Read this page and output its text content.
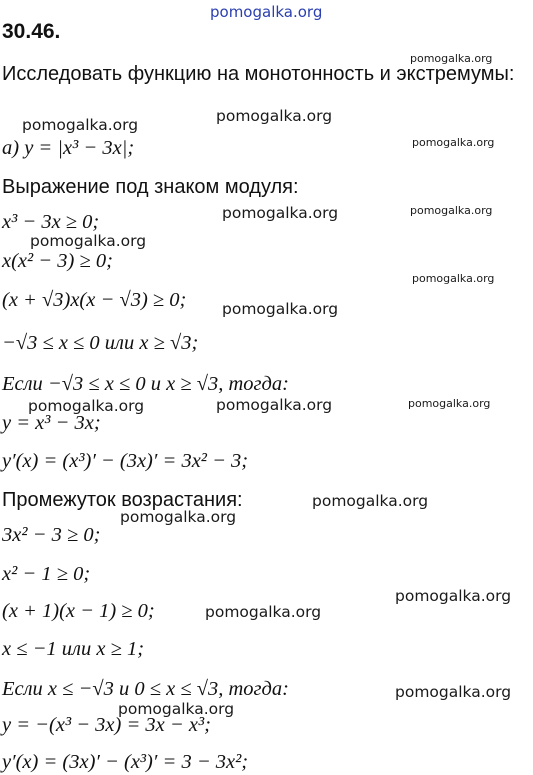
30.46.
Исследовать функцию на монотонность и экстремумы:
а) y = |x³ − 3x|;
Выражение под знаком модуля:
x³ − 3x ≥ 0;
x(x² − 3) ≥ 0;
(x + √3)x(x − √3) ≥ 0;
−√3 ≤ x ≤ 0 или x ≥ √3;
Если −√3 ≤ x ≤ 0 и x ≥ √3, тогда:
y = x³ − 3x;
y′(x) = (x³)′ − (3x)′ = 3x² − 3;
Промежуток возрастания:
3x² − 3 ≥ 0;
x² − 1 ≥ 0;
(x + 1)(x − 1) ≥ 0;
x ≤ −1 или x ≥ 1;
Если x ≤ −√3 и 0 ≤ x ≤ √3, тогда:
y = −(x³ − 3x) = 3x − x³;
y′(x) = (3x)′ − (x³)′ = 3 − 3x²;
pomogalka.org
pomogalka.org
pomogalka.org
pomogalka.org
pomogalka.org
pomogalka.org	pomogalka.org
pomogalka.org
pomogalka.org
pomogalka.org
pomogalka.org	pomogalka.org	pomogalka.org
pomogalka.org
pomogalka.org
pomogalka.org
pomogalka.org
pomogalka.org
pomogalka.org
